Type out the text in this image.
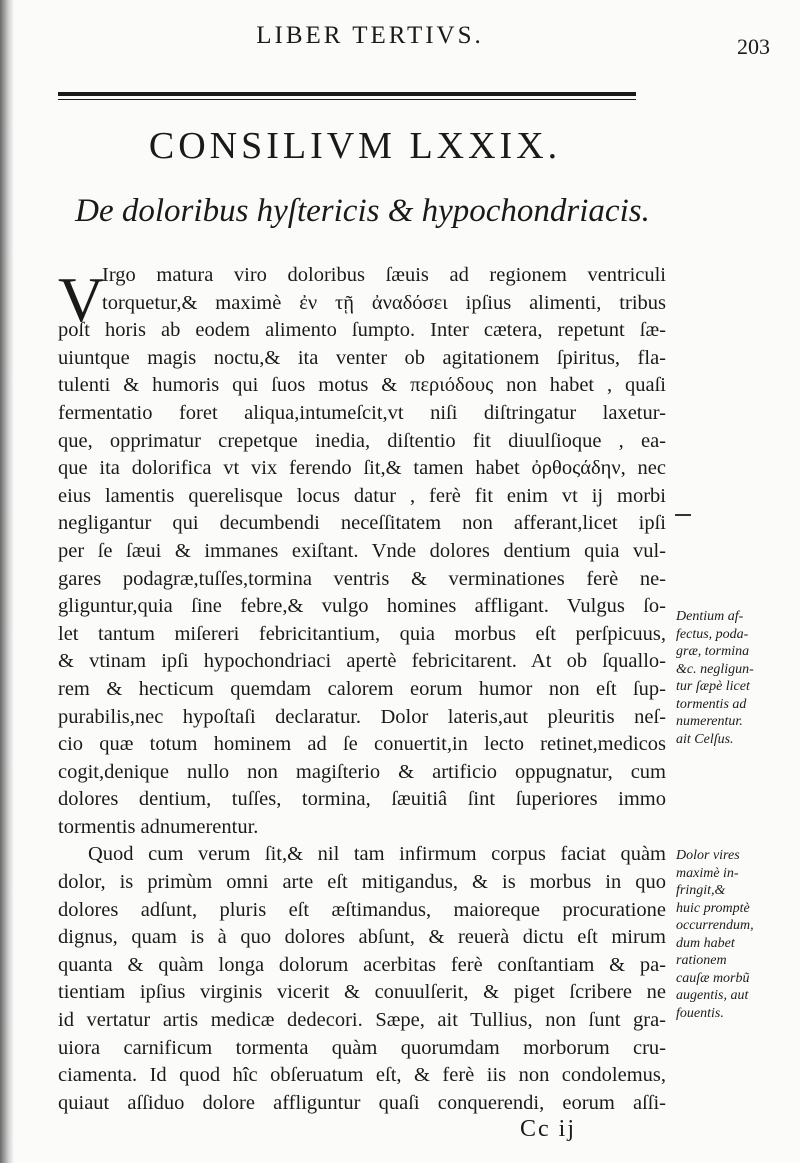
LIBER TERTIVS.	203
CONSILIVM LXXIX.
De doloribus hyſtericis & hypochondriacis.
V
Irgo matura viro doloribus ſæuis ad regionem ventriculi
torquetur,& maximè ἐν τῇ ἀναδόσει ipſius alimenti, tribus
poſt horis ab eodem alimento ſumpto. Inter cætera, repetunt ſæ-
uiuntque magis noctu,& ita venter ob agitationem ſpiritus, flа-
tulenti & humoris qui ſuos motus & περιόδους non habet , quaſi
fermentatio foret aliqua,intumeſcit,vt niſi diſtringatur laxetur-
que, opprimatur crepetque inedia, diſtentio fit diuulſioque , ea-
que ita dolorifica vt vix ferendo ſit,& tamen habet ὀρθοςάδην, nec
eius lamentis querelisque locus datur , ferè fit enim vt ij morbi
negligantur qui decumbendi neceſſitatem non afferant,licet ipſi
per ſe ſæui & immanes exiſtant. Vnde dolores dentium quia vul-
gares podagræ,tuſſes,tormina ventris & verminationes ferè ne-
gliguntur,quia ſine febre,& vulgo homines affligant. Vulgus ſo-
let tantum miſereri febricitantium, quia morbus eſt perſpicuus,
& vtinam ipſi hypochondriaci apertè febricitarent. At ob ſquallo-
rem & hecticum quemdam calorem eorum humor non eſt ſup-
purabilis,nec hypoſtaſi declaratur. Dolor lateris,aut pleuritis neſ-
cio quæ totum hominem ad ſe conuertit,in lecto retinet,medicos
cogit,denique nullo non magiſterio & artificio oppugnatur, cum
dolores dentium, tuſſes, tormina, ſæuitiâ ſint ſuperiores immo
tormentis adnumerentur.
Quod cum verum ſit,& nil tam infirmum corpus faciat quàm
dolor, is primùm omni arte eſt mitigandus, & is morbus in quo
dolores adſunt, pluris eſt æſtimandus, maioreque procuratione
dignus, quam is à quo dolores abſunt, & reuerà dictu eſt mirum
quanta & quàm longa dolorum acerbitas ferè conſtantiam & pa-
tientiam ipſius virginis vicerit & conuulſerit, & piget ſcribere ne
id vertatur artis medicæ dedecori. Sæpe, ait Tullius, non ſunt gra-
uiora carnificum tormenta quàm quorumdam morborum cru-
ciamenta. Id quod hîc obſeruatum eſt, & ferè iis non condolemus,
quiaut aſſiduo dolore affliguntur quaſi conquerendi, eorum aſſi-
Dentium af-
fectus, poda-
græ, tormina
&c. negligun-
tur ſæpè licet
tormentis ad
numerentur.
ait Celſus.
Dolor vires
maximè in-
fringit,&
huic promptè
occurrendum,
dum habet
rationem
cauſæ morbũ
augentis, aut
fouentis.
Cc ij
